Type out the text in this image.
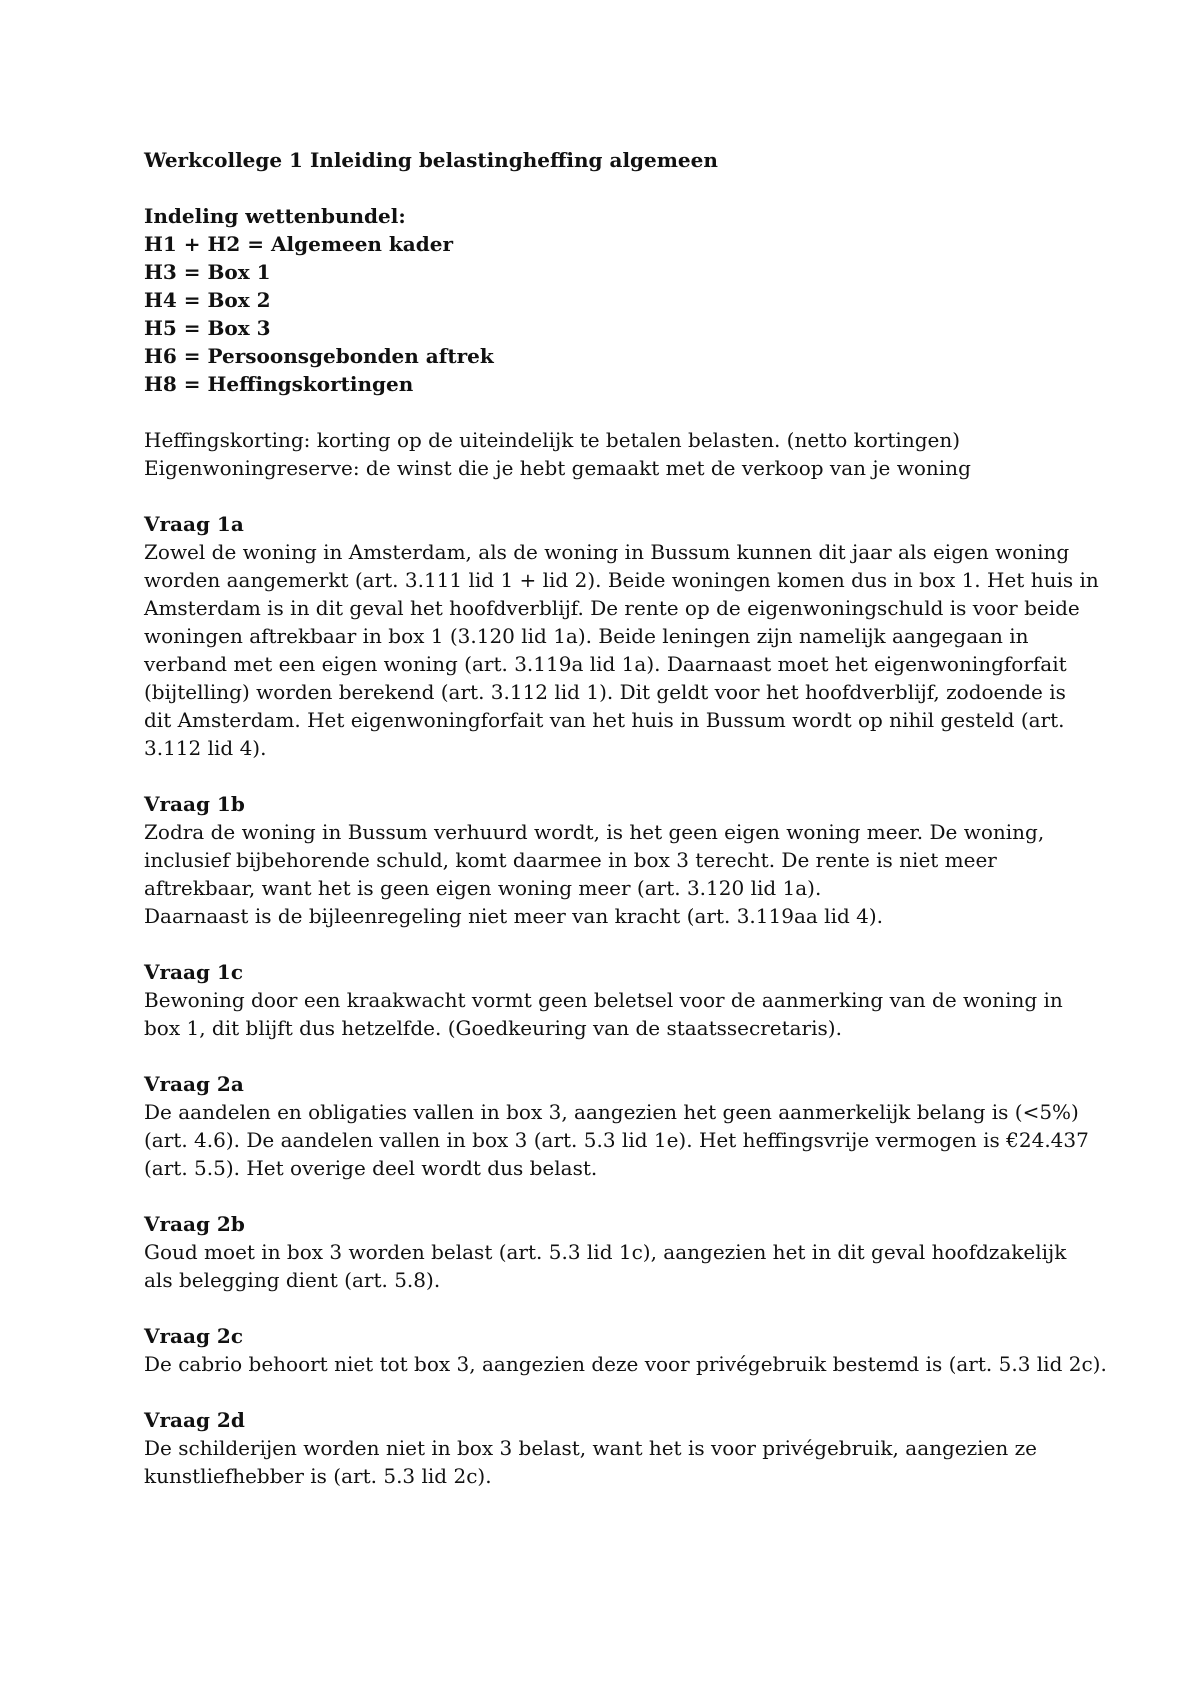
Werkcollege 1 Inleiding belastingheffing algemeen
Indeling wettenbundel:
H1 + H2 = Algemeen kader
H3 = Box 1
H4 = Box 2
H5 = Box 3
H6 = Persoonsgebonden aftrek
H8 = Heffingskortingen
Heffingskorting: korting op de uiteindelijk te betalen belasten. (netto kortingen)
Eigenwoningreserve: de winst die je hebt gemaakt met de verkoop van je woning
Vraag 1a
Zowel de woning in Amsterdam, als de woning in Bussum kunnen dit jaar als eigen woning
worden aangemerkt (art. 3.111 lid 1 + lid 2). Beide woningen komen dus in box 1. Het huis in
Amsterdam is in dit geval het hoofdverblijf. De rente op de eigenwoningschuld is voor beide
woningen aftrekbaar in box 1 (3.120 lid 1a). Beide leningen zijn namelijk aangegaan in
verband met een eigen woning (art. 3.119a lid 1a). Daarnaast moet het eigenwoningforfait
(bijtelling) worden berekend (art. 3.112 lid 1). Dit geldt voor het hoofdverblijf, zodoende is
dit Amsterdam. Het eigenwoningforfait van het huis in Bussum wordt op nihil gesteld (art.
3.112 lid 4).
Vraag 1b
Zodra de woning in Bussum verhuurd wordt, is het geen eigen woning meer. De woning,
inclusief bijbehorende schuld, komt daarmee in box 3 terecht. De rente is niet meer
aftrekbaar, want het is geen eigen woning meer (art. 3.120 lid 1a).
Daarnaast is de bijleenregeling niet meer van kracht (art. 3.119aa lid 4).
Vraag 1c
Bewoning door een kraakwacht vormt geen beletsel voor de aanmerking van de woning in
box 1, dit blijft dus hetzelfde. (Goedkeuring van de staatssecretaris).
Vraag 2a
De aandelen en obligaties vallen in box 3, aangezien het geen aanmerkelijk belang is (<5%)
(art. 4.6). De aandelen vallen in box 3 (art. 5.3 lid 1e). Het heffingsvrije vermogen is €24.437
(art. 5.5). Het overige deel wordt dus belast.
Vraag 2b
Goud moet in box 3 worden belast (art. 5.3 lid 1c), aangezien het in dit geval hoofdzakelijk
als belegging dient (art. 5.8).
Vraag 2c
De cabrio behoort niet tot box 3, aangezien deze voor privégebruik bestemd is (art. 5.3 lid 2c).
Vraag 2d
De schilderijen worden niet in box 3 belast, want het is voor privégebruik, aangezien ze
kunstliefhebber is (art. 5.3 lid 2c).
